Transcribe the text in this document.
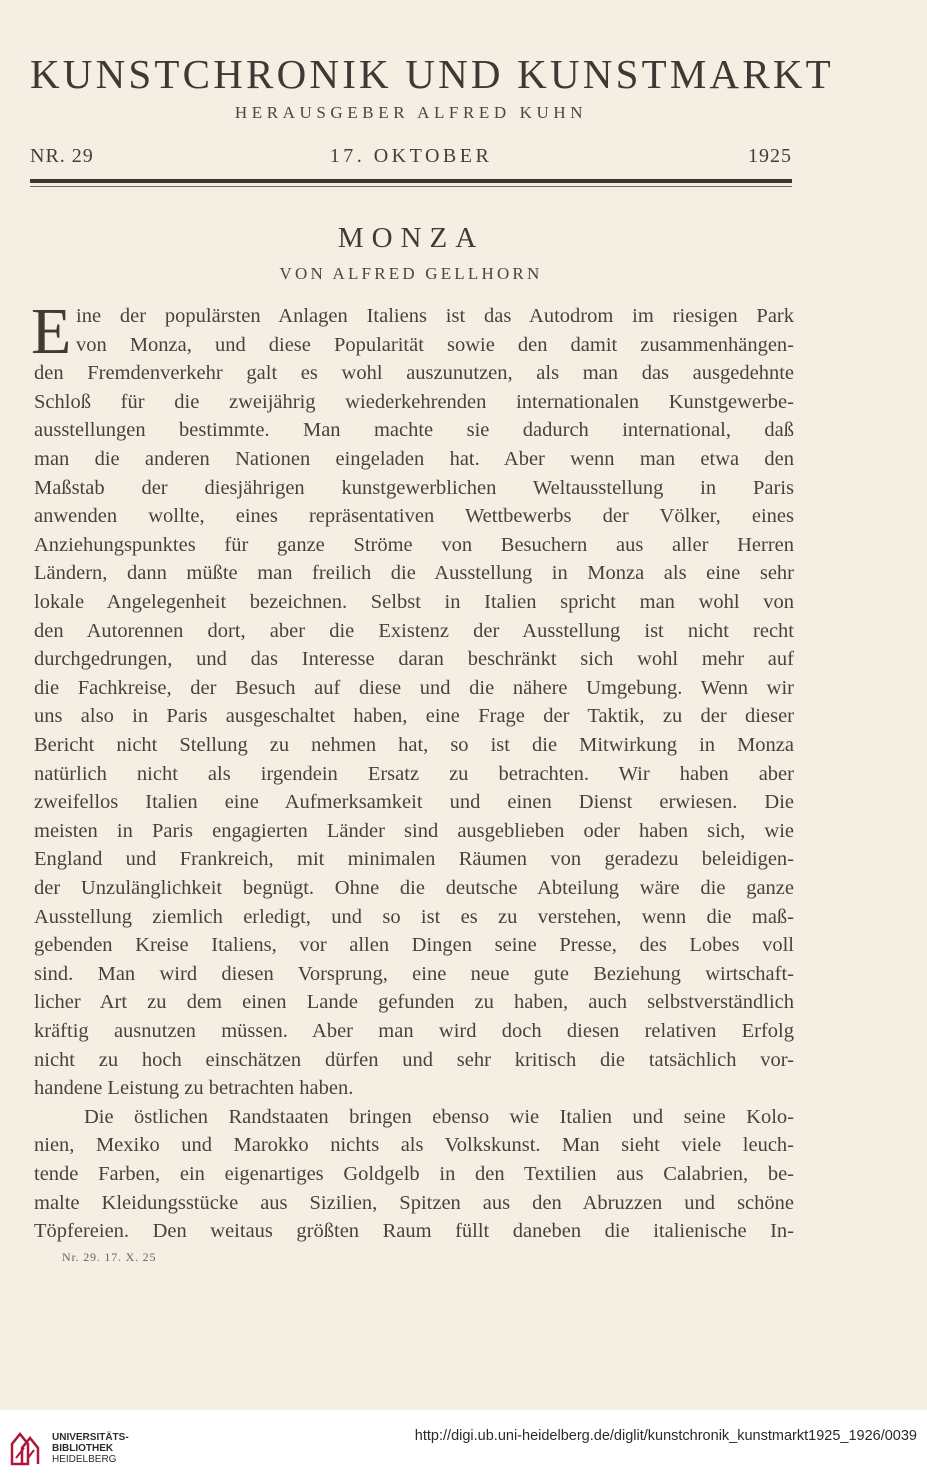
KUNSTCHRONIK UND KUNSTMARKT
HERAUSGEBER ALFRED KUHN
NR. 29	17. OKTOBER	1925
MONZA
VON ALFRED GELLHORN
E ine der populärsten Anlagen Italiens ist das Autodrom im riesigen Park
von Monza, und diese Popularität sowie den damit zusammenhängen-
den Fremdenverkehr galt es wohl auszunutzen, als man das ausgedehnte
Schloß für die zweijährig wiederkehrenden internationalen Kunstgewerbe-
ausstellungen bestimmte. Man machte sie dadurch international, daß
man die anderen Nationen eingeladen hat. Aber wenn man etwa den
Maßstab der diesjährigen kunstgewerblichen Weltausstellung in Paris
anwenden wollte, eines repräsentativen Wettbewerbs der Völker, eines
Anziehungspunktes für ganze Ströme von Besuchern aus aller Herren
Ländern, dann müßte man freilich die Ausstellung in Monza als eine sehr
lokale Angelegenheit bezeichnen. Selbst in Italien spricht man wohl von
den Autorennen dort, aber die Existenz der Ausstellung ist nicht recht
durchgedrungen, und das Interesse daran beschränkt sich wohl mehr auf
die Fachkreise, der Besuch auf diese und die nähere Umgebung. Wenn wir
uns also in Paris ausgeschaltet haben, eine Frage der Taktik, zu der dieser
Bericht nicht Stellung zu nehmen hat, so ist die Mitwirkung in Monza
natürlich nicht als irgendein Ersatz zu betrachten. Wir haben aber
zweifellos Italien eine Aufmerksamkeit und einen Dienst erwiesen. Die
meisten in Paris engagierten Länder sind ausgeblieben oder haben sich, wie
England und Frankreich, mit minimalen Räumen von geradezu beleidigen-
der Unzulänglichkeit begnügt. Ohne die deutsche Abteilung wäre die ganze
Ausstellung ziemlich erledigt, und so ist es zu verstehen, wenn die maß-
gebenden Kreise Italiens, vor allen Dingen seine Presse, des Lobes voll
sind. Man wird diesen Vorsprung, eine neue gute Beziehung wirtschaft-
licher Art zu dem einen Lande gefunden zu haben, auch selbstverständlich
kräftig ausnutzen müssen. Aber man wird doch diesen relativen Erfolg
nicht zu hoch einschätzen dürfen und sehr kritisch die tatsächlich vor-
handene Leistung zu betrachten haben.
Die östlichen Randstaaten bringen ebenso wie Italien und seine Kolo-
nien, Mexiko und Marokko nichts als Volkskunst. Man sieht viele leuch-
tende Farben, ein eigenartiges Goldgelb in den Textilien aus Calabrien, be-
malte Kleidungsstücke aus Sizilien, Spitzen aus den Abruzzen und schöne
Töpfereien. Den weitaus größten Raum füllt daneben die italienische In-
Nr. 29. 17. X. 25
UNIVERSITÄTS-
BIBLIOTHEK
HEIDELBERG
http://digi.ub.uni-heidelberg.de/diglit/kunstchronik_kunstmarkt1925_1926/0039
